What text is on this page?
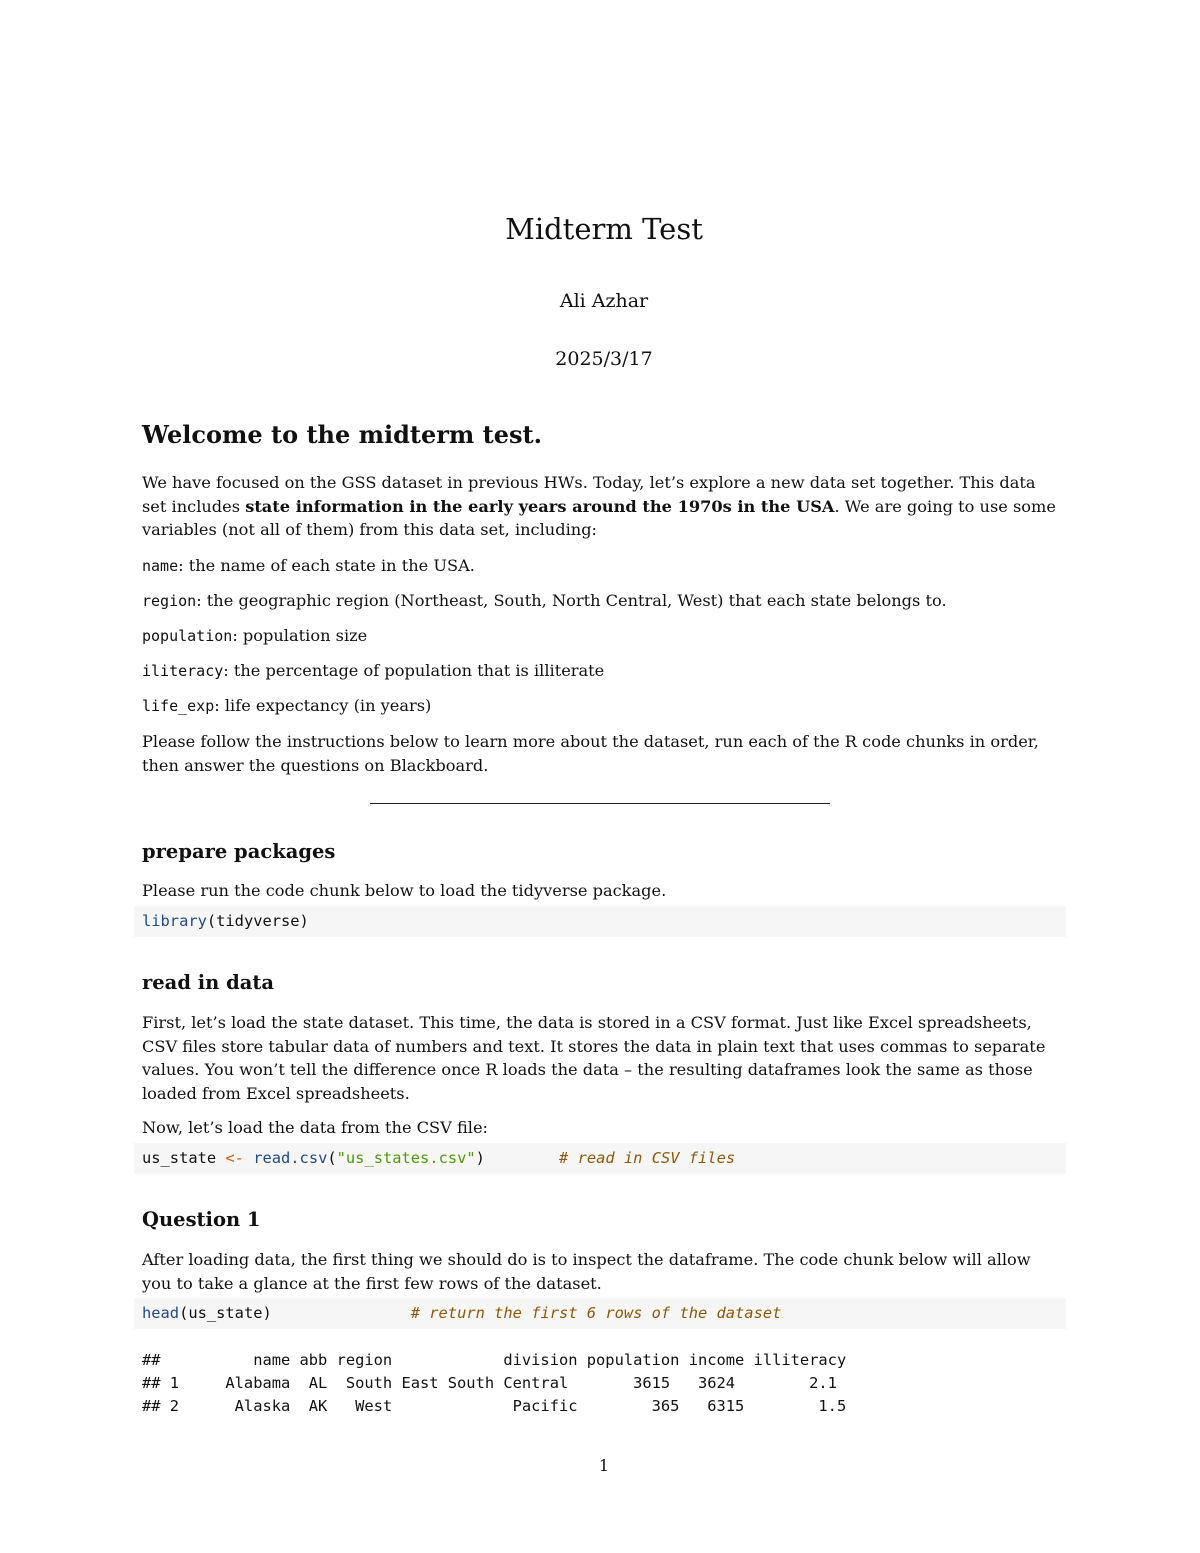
Midterm Test
Ali Azhar
2025/3/17
Welcome to the midterm test.

We have focused on the GSS dataset in previous HWs. Today, let’s explore a new data set together. This data set includes state information in the early years around the 1970s in the USA. We are going to use some variables (not all of them) from this data set, including:

name: the name of each state in the USA.
region: the geographic region (Northeast, South, North Central, West) that each state belongs to.
population: population size
iliteracy: the percentage of population that is illiterate
life_exp: life expectancy (in years)

Please follow the instructions below to learn more about the dataset, run each of the R code chunks in order, then answer the questions on Blackboard.

prepare packages

Please run the code chunk below to load the tidyverse package.

library(tidyverse)
read in data

First, let’s load the state dataset. This time, the data is stored in a CSV format. Just like Excel spreadsheets, CSV files store tabular data of numbers and text. It stores the data in plain text that uses commas to separate values. You won’t tell the difference once R loads the data – the resulting dataframes look the same as those loaded from Excel spreadsheets.

Now, let’s load the data from the CSV file:

us_state <- read.csv("us_states.csv")        # read in CSV files
Question 1

After loading data, the first thing we should do is to inspect the dataframe. The code chunk below will allow you to take a glance at the first few rows of the dataset.

head(us_state)               # return the first 6 rows of the dataset
##          name abb region            division population income illiteracy
## 1     Alabama  AL  South East South Central       3615   3624        2.1
## 2      Alaska  AK   West             Pacific        365   6315        1.5
1
